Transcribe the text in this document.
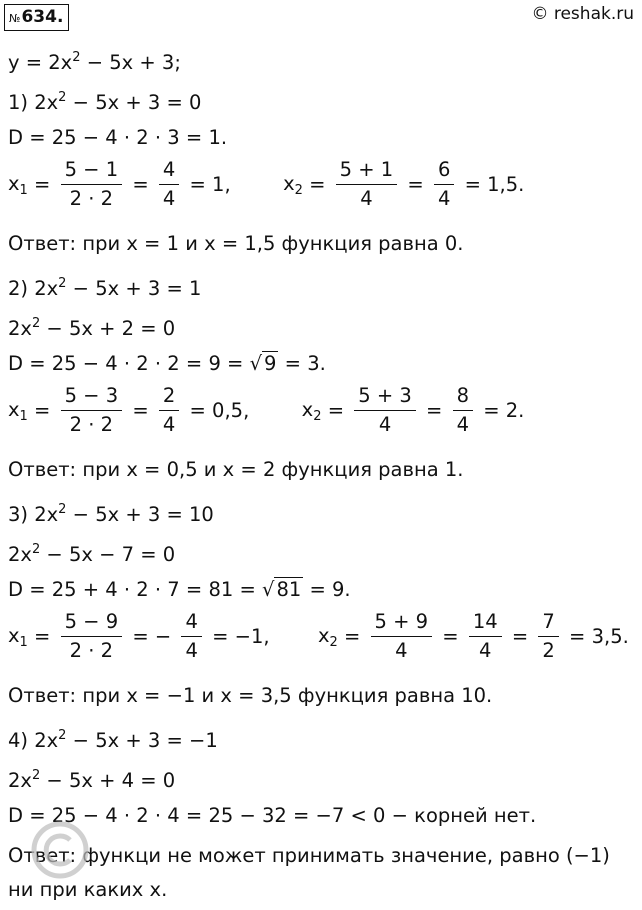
№634.	© reshak.ru
$y = 2x^2 - 5x + 3$;
1) $2x^2 - 5x + 3 = 0$
D = 25 − 4 · 2 · 3 = 1.
$x_1 = \frac{5 - 1}{2 \cdot 2} = \frac{4}{4} = 1$,	$x_2 = \frac{5 + 1}{4} = \frac{6}{4} = 1,5$.
Ответ: при x = 1 и x = 1,5 функция равна 0.
2) $2x^2 - 5x + 3 = 1$
$2x^2 - 5x + 2 = 0$
D = 25 − 4 · 2 · 2 = 9 = √ 9 = 3.
$x_1 = \frac{5 - 3}{2 \cdot 2} = \frac{2}{4} = 0,5$,	$x_2 = \frac{5 + 3}{4} = \frac{8}{4} = 2$.
Ответ: при x = 0,5 и x = 2 функция равна 1.
3) $2x^2 - 5x + 3 = 10$
$2x^2 - 5x - 7 = 0$
D = 25 + 4 · 2 · 7 = 81 = √ 81 = 9.
$x_1 = \frac{5 - 9}{2 \cdot 2}$ = − $\frac{4}{4} = -1$, $x_2 = \frac{5 + 9}{4} = \frac{14}{4} = \frac{7}{2} = 3,5$.
Ответ: при x = −1 и x = 3,5 функция равна 10.
4) $2x^2 - 5x + 3 = -1$
$2x^2 - 5x + 4 = 0$
D = 25 − 4 · 2 · 4 = 25 − 32 = −7 < 0 − корней нет.
Ответ: функци не может принимать значение, равно (−1)
ни при каких x.
